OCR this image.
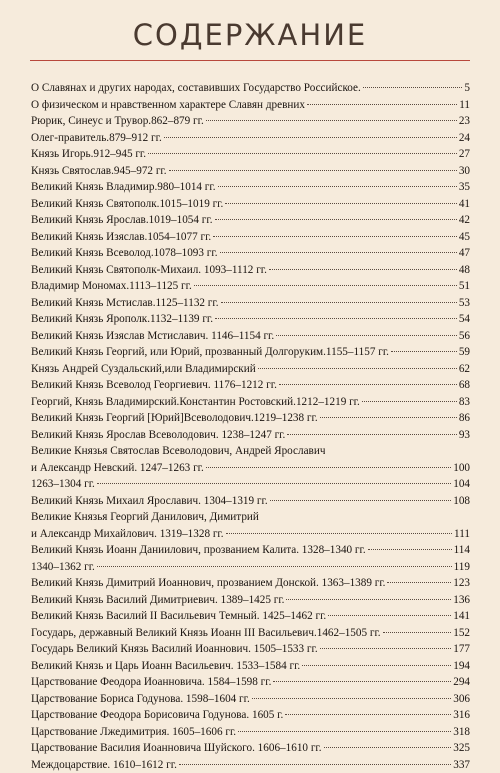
СОДЕРЖАНИЕ
О Славянах и других народах, составивших Государство Российское.	5
О физическом и нравственном характере Славян древних	11
Рюрик, Синеус и Трувор.862–879 гг.	23
Олег-правитель.879–912 гг.	24
Князь Игорь.912–945 гг.	27
Князь Святослав.945–972 гг.	30
Великий Князь Владимир.980–1014 гг.	35
Великий Князь Святополк.1015–1019 гг.	41
Великий Князь Ярослав.1019–1054 гг.	42
Великий Князь Изяслав.1054–1077 гг.	45
Великий Князь Всеволод.1078–1093 гг.	47
Великий Князь Святополк-Михаил. 1093–1112 гг.	48
Владимир Мономах.1113–1125 гг.	51
Великий Князь Мстислав.1125–1132 гг.	53
Великий Князь Ярополк.1132–1139 гг.	54
Великий Князь Изяслав Мстиславич. 1146–1154 гг.	56
Великий Князь Георгий, или Юрий, прозванный Долгоруким.1155–1157 гг.	59
Князь Андрей Суздальский,или Владимирский	62
Великий Князь Всеволод Георгиевич. 1176–1212 гг.	68
Георгий, Князь Владимирский.Константин Ростовский.1212–1219 гг.	83
Великий Князь Георгий [Юрий]Всеволодович.1219–1238 гг.	86
Великий Князь Ярослав Всеволодович. 1238–1247 гг.	93
Великие Князья Святослав Всеволодович, Андрей Ярославич
и Александр Невский. 1247–1263 гг.	100
1263–1304 гг.	104
Великий Князь Михаил Ярославич. 1304–1319 гг.	108
Великие Князья Георгий Данилович, Димитрий
и Александр Михайлович. 1319–1328 гг.	111
Великий Князь Иоанн Даниилович, прозванием Калита. 1328–1340 гг.	114
1340–1362 гг.	119
Великий Князь Димитрий Иоаннович, прозванием Донской. 1363–1389 гг.	123
Великий Князь Василий Димитриевич. 1389–1425 гг.	136
Великий Князь Василий II Васильевич Темный. 1425–1462 гг.	141
Государь, державный Великий Князь Иоанн III Васильевич.1462–1505 гг.	152
Государь Великий Князь Василий Иоаннович. 1505–1533 гг.	177
Великий Князь и Царь Иоанн Васильевич. 1533–1584 гг.	194
Царствование Феодора Иоанновича. 1584–1598 гг.	294
Царствование Бориса Годунова. 1598–1604 гг.	306
Царствование Феодора Борисовича Годунова. 1605 г.	316
Царствование Лжедимитрия. 1605–1606 гг.	318
Царствование Василия Иоанновича Шуйского. 1606–1610 гг.	325
Междоцарствие. 1610–1612 гг.	337
